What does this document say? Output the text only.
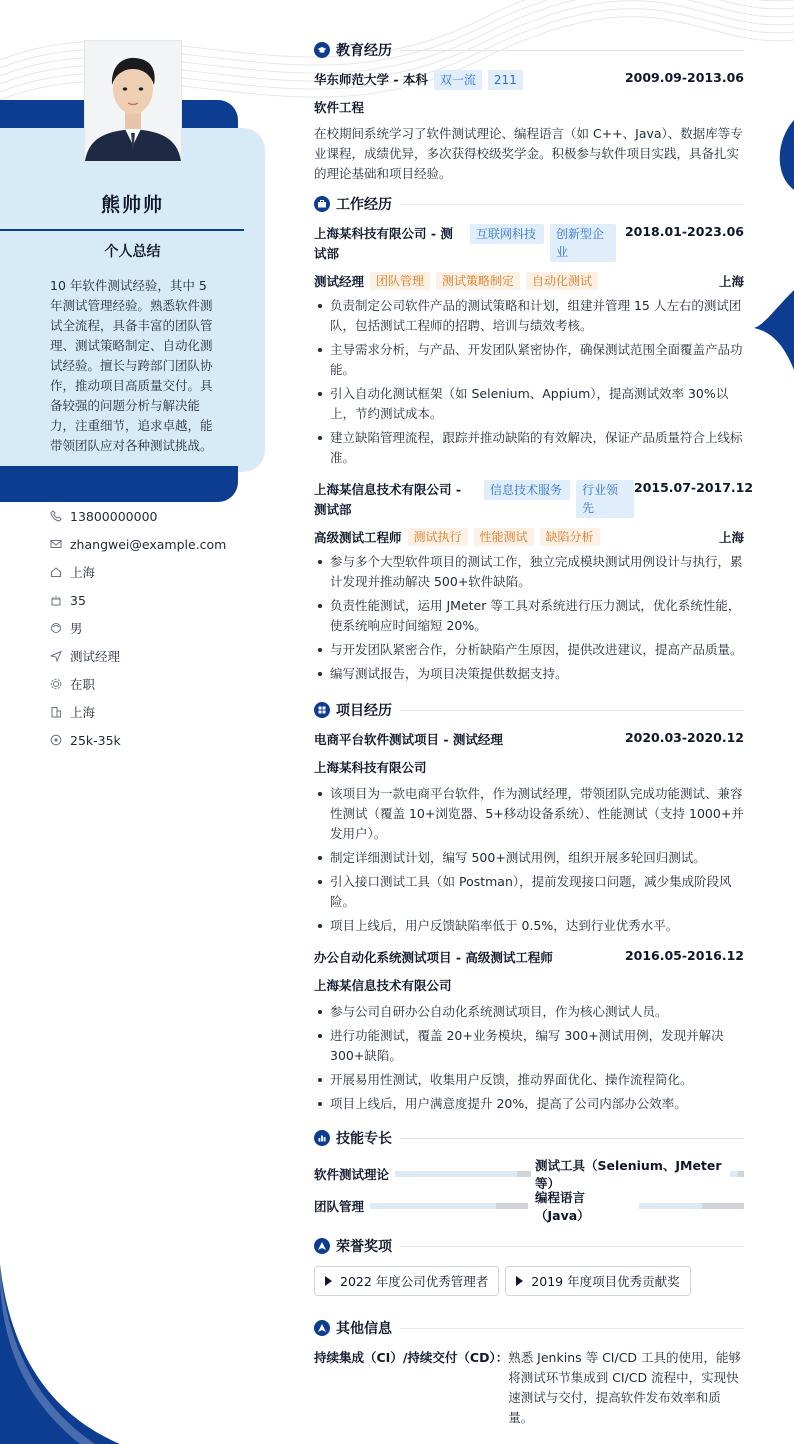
熊帅帅
个人总结
10 年软件测试经验，其中 5 年测试管理经验。熟悉软件测试全流程，具备丰富的团队管理、测试策略制定、自动化测试经验。擅长与跨部门团队协作，推动项目高质量交付。具备较强的问题分析与解决能力，注重细节，追求卓越，能带领团队应对各种测试挑战。
13800000000
zhangwei@example.com
上海
35
男
测试经理
在职
上海
25k-35k
教育经历
华东师范大学 - 本科	双一流	211	2009.09-2013.06
软件工程
在校期间系统学习了软件测试理论、编程语言（如 C++、Java）、数据库等专业课程，成绩优异，多次获得校级奖学金。积极参与软件项目实践，具备扎实的理论基础和项目经验。
工作经历
上海某科技有限公司 - 测试部
互联网科技	创新型企业
2018.01-2023.06
测试经理	团队管理	测试策略制定	自动化测试	上海
负责制定公司软件产品的测试策略和计划，组建并管理 15 人左右的测试团队，包括测试工程师的招聘、培训与绩效考核。
主导需求分析，与产品、开发团队紧密协作，确保测试范围全面覆盖产品功能。
引入自动化测试框架（如 Selenium、Appium），提高测试效率 30%以上，节约测试成本。
建立缺陷管理流程，跟踪并推动缺陷的有效解决，保证产品质量符合上线标准。
上海某信息技术有限公司 - 测试部
信息技术服务	行业领先
2015.07-2017.12
高级测试工程师	测试执行	性能测试	缺陷分析	上海
参与多个大型软件项目的测试工作，独立完成模块测试用例设计与执行，累计发现并推动解决 500+软件缺陷。
负责性能测试，运用 JMeter 等工具对系统进行压力测试，优化系统性能，使系统响应时间缩短 20%。
与开发团队紧密合作，分析缺陷产生原因，提供改进建议，提高产品质量。
编写测试报告，为项目决策提供数据支持。
项目经历
电商平台软件测试项目 - 测试经理	2020.03-2020.12
上海某科技有限公司
该项目为一款电商平台软件，作为测试经理，带领团队完成功能测试、兼容性测试（覆盖 10+浏览器、5+移动设备系统）、性能测试（支持 1000+并发用户）。
制定详细测试计划，编写 500+测试用例，组织开展多轮回归测试。
引入接口测试工具（如 Postman），提前发现接口问题，减少集成阶段风险。
项目上线后，用户反馈缺陷率低于 0.5%，达到行业优秀水平。
办公自动化系统测试项目 - 高级测试工程师	2016.05-2016.12
上海某信息技术有限公司
参与公司自研办公自动化系统测试项目，作为核心测试人员。
进行功能测试，覆盖 20+业务模块，编写 300+测试用例，发现并解决 300+缺陷。
开展易用性测试，收集用户反馈，推动界面优化、操作流程简化。
项目上线后，用户满意度提升 20%，提高了公司内部办公效率。
技能专长
软件测试理论
测试工具（Selenium、JMeter 等）
团队管理
编程语言（Java）
荣誉奖项
2022 年度公司优秀管理者	2019 年度项目优秀贡献奖
其他信息
持续集成（CI）/持续交付（CD）： 熟悉 Jenkins 等 CI/CD 工具的使用，能够将测试环节集成到 CI/CD 流程中，实现快速测试与交付，提高软件发布效率和质量。
